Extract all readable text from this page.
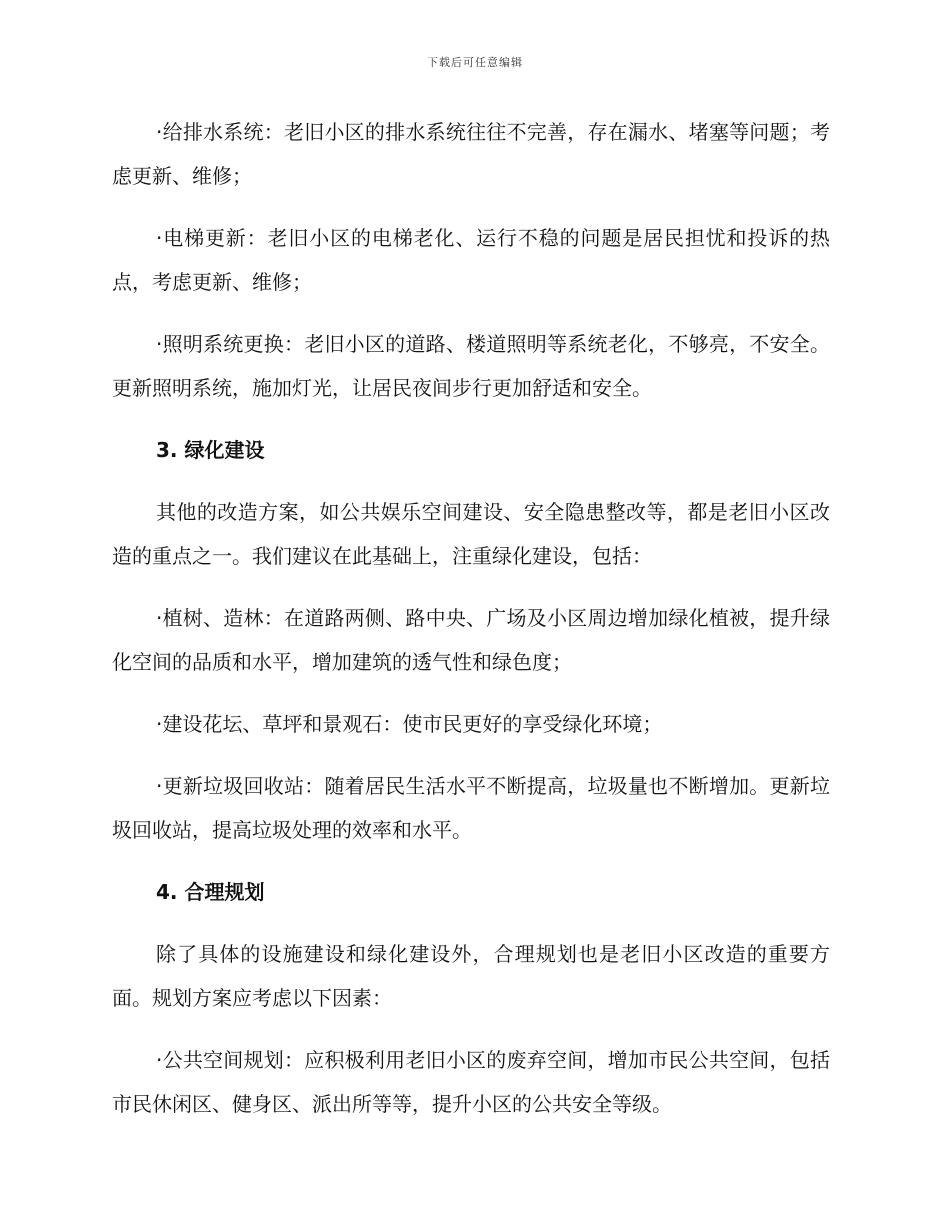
下载后可任意编辑

·给排水系统：老旧小区的排水系统往往不完善，存在漏水、堵塞等问题；考虑更新、维修；

·电梯更新：老旧小区的电梯老化、运行不稳的问题是居民担忧和投诉的热点，考虑更新、维修；

·照明系统更换：老旧小区的道路、楼道照明等系统老化，不够亮，不安全。更新照明系统，施加灯光，让居民夜间步行更加舒适和安全。

3. 绿化建设

其他的改造方案，如公共娱乐空间建设、安全隐患整改等，都是老旧小区改造的重点之一。我们建议在此基础上，注重绿化建设，包括：

·植树、造林：在道路两侧、路中央、广场及小区周边增加绿化植被，提升绿化空间的品质和水平，增加建筑的透气性和绿色度；

·建设花坛、草坪和景观石：使市民更好的享受绿化环境；

·更新垃圾回收站：随着居民生活水平不断提高，垃圾量也不断增加。更新垃圾回收站，提高垃圾处理的效率和水平。

4. 合理规划

除了具体的设施建设和绿化建设外，合理规划也是老旧小区改造的重要方面。规划方案应考虑以下因素：

·公共空间规划：应积极利用老旧小区的废弃空间，增加市民公共空间，包括市民休闲区、健身区、派出所等等，提升小区的公共安全等级。
